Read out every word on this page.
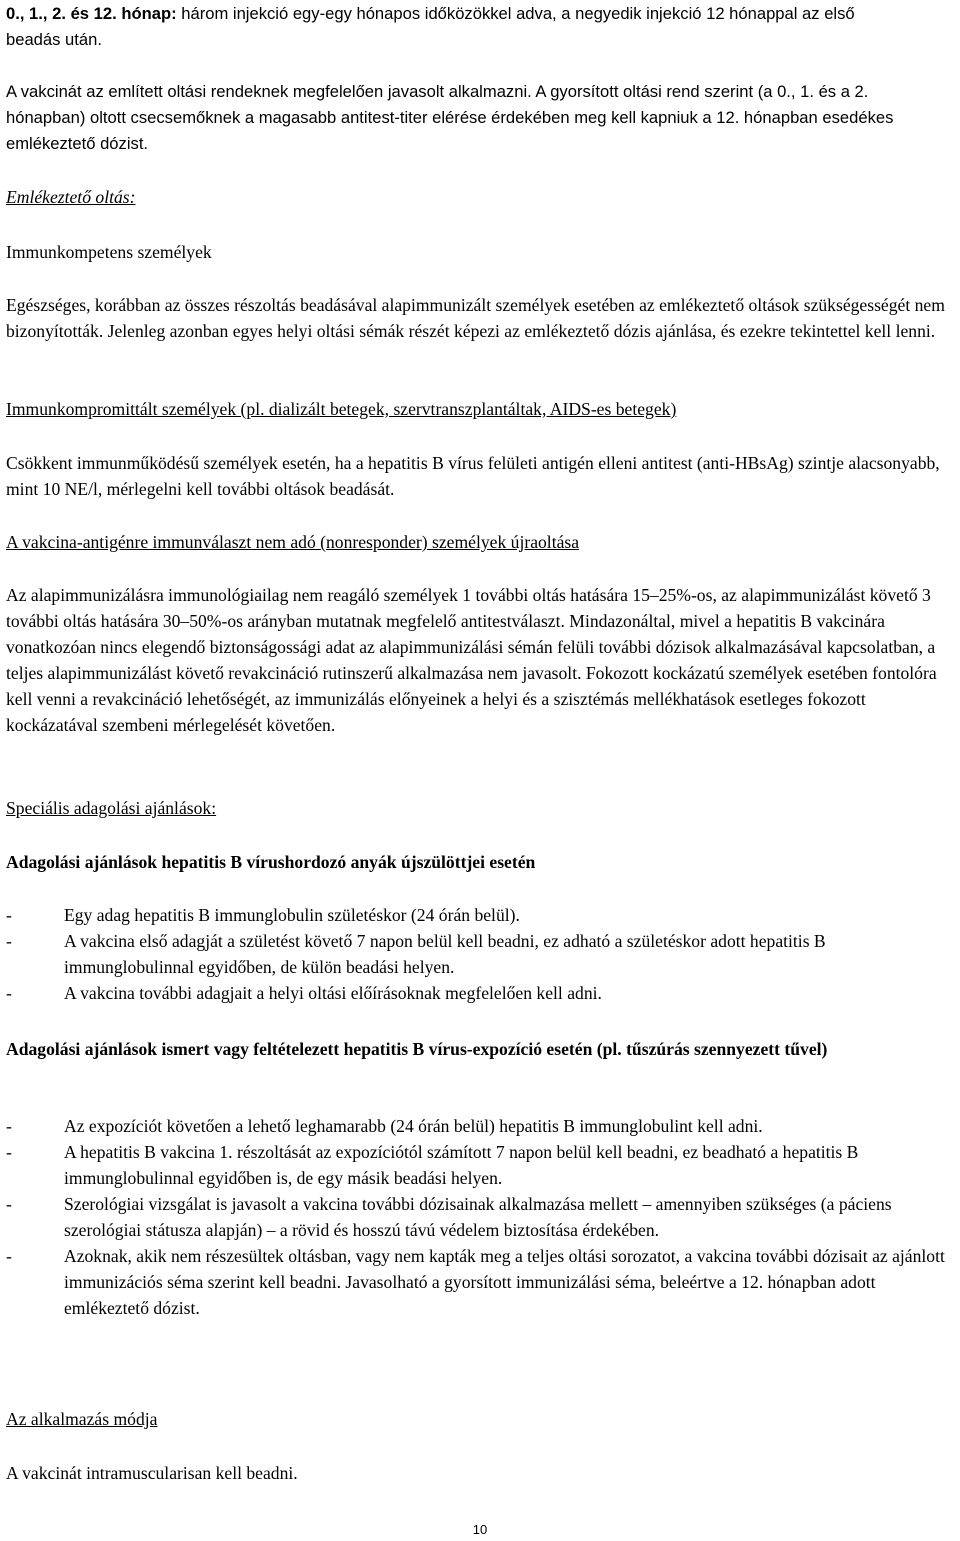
0., 1., 2. és 12. hónap: három injekció egy-egy hónapos időközökkel adva, a negyedik injekció 12 hónappal az első beadás után.

A vakcinát az említett oltási rendeknek megfelelően javasolt alkalmazni. A gyorsított oltási rend szerint (a 0., 1. és a 2. hónapban) oltott csecsemőknek a magasabb antitest-titer elérése érdekében meg kell kapniuk a 12. hónapban esedékes emlékeztető dózist.

Emlékeztető oltás:

Immunkompetens személyek

Egészséges, korábban az összes részoltás beadásával alapimmunizált személyek esetében az emlékeztető oltások szükségességét nem bizonyították. Jelenleg azonban egyes helyi oltási sémák részét képezi az emlékeztető dózis ajánlása, és ezekre tekintettel kell lenni.

Immunkompromittált személyek (pl. dializált betegek, szervtranszplantáltak, AIDS-es betegek)

Csökkent immunműködésű személyek esetén, ha a hepatitis B vírus felületi antigén elleni antitest (anti-HBsAg) szintje alacsonyabb, mint 10 NE/l, mérlegelni kell további oltások beadását.

A vakcina-antigénre immunválaszt nem adó (nonresponder) személyek újraoltása

Az alapimmunizálásra immunológiailag nem reagáló személyek 1 további oltás hatására 15–25%-os, az alapimmunizálást követő 3 további oltás hatására 30–50%-os arányban mutatnak megfelelő antitestválaszt. Mindazonáltal, mivel a hepatitis B vakcinára vonatkozóan nincs elegendő biztonságossági adat az alapimmunizálási sémán felüli további dózisok alkalmazásával kapcsolatban, a teljes alapimmunizálást követő revakcináció rutinszerű alkalmazása nem javasolt. Fokozott kockázatú személyek esetében fontolóra kell venni a revakcináció lehetőségét, az immunizálás előnyeinek a helyi és a szisztémás mellékhatások esetleges fokozott kockázatával szembeni mérlegelését követően.

Speciális adagolási ajánlások:

Adagolási ajánlások hepatitis B vírushordozó anyák újszülöttjei esetén

-	Egy adag hepatitis B immunglobulin születéskor (24 órán belül).

-	A vakcina első adagját a születést követő 7 napon belül kell beadni, ez adható a születéskor adott hepatitis B immunglobulinnal egyidőben, de külön beadási helyen.

-	A vakcina további adagjait a helyi oltási előírásoknak megfelelően kell adni.

Adagolási ajánlások ismert vagy feltételezett hepatitis B vírus-expozíció esetén (pl. tűszúrás szennyezett tűvel)

-	Az expozíciót követően a lehető leghamarabb (24 órán belül) hepatitis B immunglobulint kell adni.

-	A hepatitis B vakcina 1. részoltását az expozíciótól számított 7 napon belül kell beadni, ez beadható a hepatitis B immunglobulinnal egyidőben is, de egy másik beadási helyen.

-	Szerológiai vizsgálat is javasolt a vakcina további dózisainak alkalmazása mellett – amennyiben szükséges (a páciens szerológiai státusza alapján) – a rövid és hosszú távú védelem biztosítása érdekében.

-	Azoknak, akik nem részesültek oltásban, vagy nem kapták meg a teljes oltási sorozatot, a vakcina további dózisait az ajánlott immunizációs séma szerint kell beadni. Javasolható a gyorsított immunizálási séma, beleértve a 12. hónapban adott emlékeztető dózist.

Az alkalmazás módja

A vakcinát intramuscularisan kell beadni.

10
